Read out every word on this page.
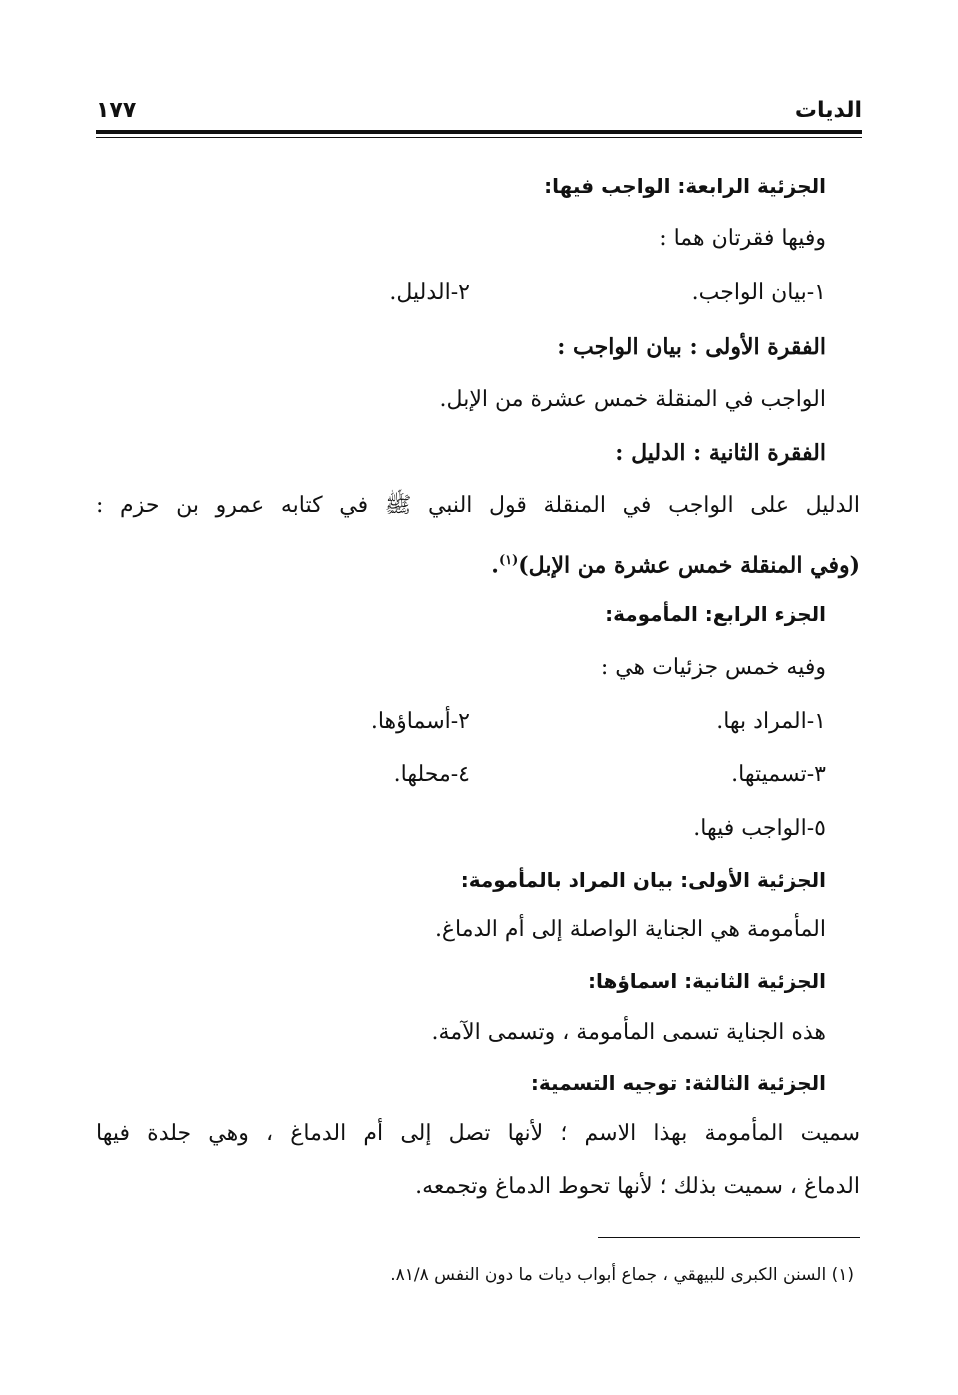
الديات
١٧٧
الجزئية الرابعة: الواجب فيها:
وفيها فقرتان هما :
١-بيان الواجب.
٢-الدليل.
الفقرة الأولى : بيان الواجب :
الواجب في المنقلة خمس عشرة من الإبل.
الفقرة الثانية : الدليل :
الدليل على الواجب في المنقلة قول النبي ﷺ في كتابه عمرو بن حزم :
(وفي المنقلة خمس عشرة من الإبل)$^{(١)}$.
الجزء الرابع: المأمومة:
وفيه خمس جزئيات هي :
١-المراد بها.
٢-أسماؤها.
٣-تسميتها.
٤-محلها.
٥-الواجب فيها.
الجزئية الأولى: بيان المراد بالمأمومة:
المأمومة هي الجناية الواصلة إلى أم الدماغ.
الجزئية الثانية: اسماؤها:
هذه الجناية تسمى المأمومة ، وتسمى الآمة.
الجزئية الثالثة: توجيه التسمية:
سميت المأمومة بهذا الاسم ؛ لأنها تصل إلى أم الدماغ ، وهي جلدة فيها
الدماغ ، سميت بذلك ؛ لأنها تحوط الدماغ وتجمعه.
(١) السنن الكبرى للبيهقي ، جماع أبواب ديات ما دون النفس ٨١/٨.
